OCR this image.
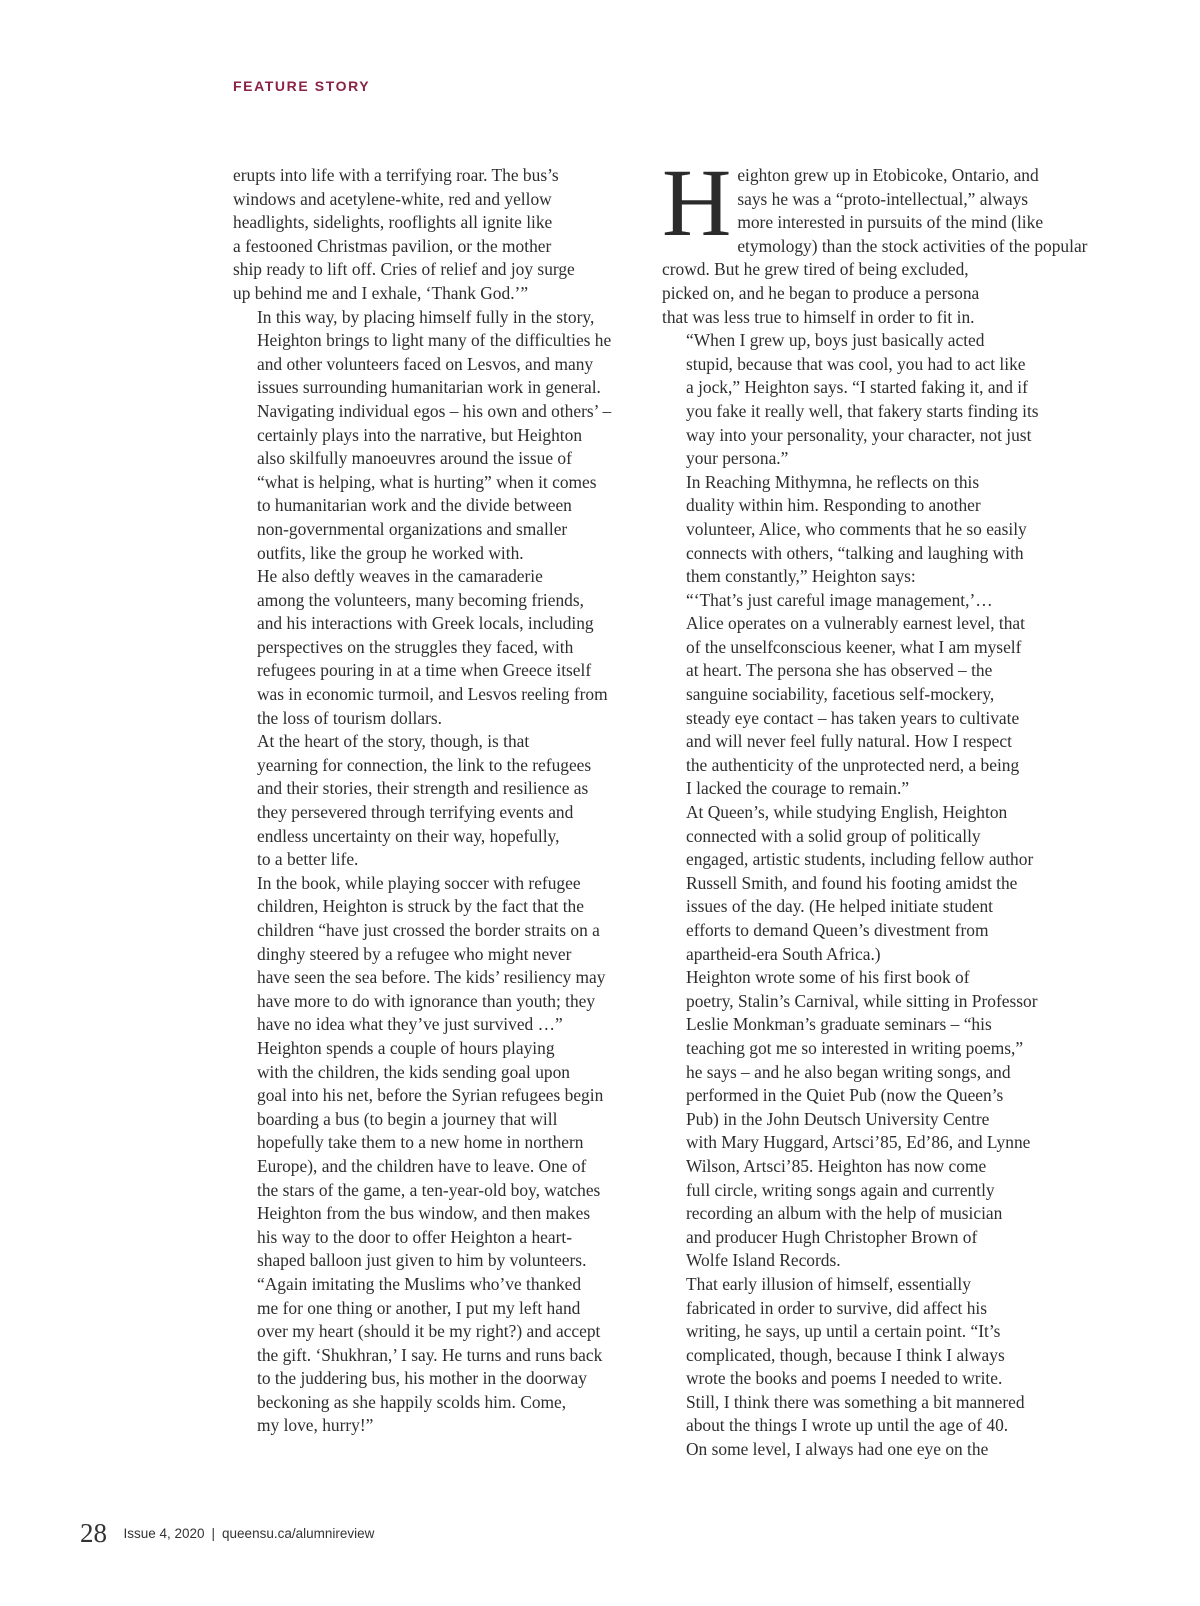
FEATURE STORY

erupts into life with a terrifying roar. The bus’s
windows and acetylene-white, red and yellow
headlights, sidelights, rooflights all ignite like
a festooned Christmas pavilion, or the mother
ship ready to lift off. Cries of relief and joy surge
up behind me and I exhale, ‘Thank God.’”

In this way, by placing himself fully in the story,
Heighton brings to light many of the difficulties he
and other volunteers faced on Lesvos, and many
issues surrounding humanitarian work in general.
Navigating individual egos – his own and others’ –
certainly plays into the narrative, but Heighton
also skilfully manoeuvres around the issue of
“what is helping, what is hurting” when it comes
to humanitarian work and the divide between
non-governmental organizations and smaller
outfits, like the group he worked with.

He also deftly weaves in the camaraderie
among the volunteers, many becoming friends,
and his interactions with Greek locals, including
perspectives on the struggles they faced, with
refugees pouring in at a time when Greece itself
was in economic turmoil, and Lesvos reeling from
the loss of tourism dollars.

At the heart of the story, though, is that
yearning for connection, the link to the refugees
and their stories, their strength and resilience as
they persevered through terrifying events and
endless uncertainty on their way, hopefully,
to a better life.

In the book, while playing soccer with refugee
children, Heighton is struck by the fact that the
children “have just crossed the border straits on a
dinghy steered by a refugee who might never
have seen the sea before. The kids’ resiliency may
have more to do with ignorance than youth; they
have no idea what they’ve just survived …”

Heighton spends a couple of hours playing
with the children, the kids sending goal upon
goal into his net, before the Syrian refugees begin
boarding a bus (to begin a journey that will
hopefully take them to a new home in northern
Europe), and the children have to leave. One of
the stars of the game, a ten-year-old boy, watches
Heighton from the bus window, and then makes
his way to the door to offer Heighton a heart-
shaped balloon just given to him by volunteers.

“Again imitating the Muslims who’ve thanked
me for one thing or another, I put my left hand
over my heart (should it be my right?) and accept
the gift. ‘Shukhran,’ I say. He turns and runs back
to the juddering bus, his mother in the doorway
beckoning as she happily scolds him. Come,
my love, hurry!”

H eighton grew up in Etobicoke, Ontario, and
says he was a “proto-intellectual,” always
more interested in pursuits of the mind (like
etymology) than the stock activities of the popular
crowd. But he grew tired of being excluded,
picked on, and he began to produce a persona
that was less true to himself in order to fit in.

“When I grew up, boys just basically acted
stupid, because that was cool, you had to act like
a jock,” Heighton says. “I started faking it, and if
you fake it really well, that fakery starts finding its
way into your personality, your character, not just
your persona.”

In Reaching Mithymna, he reflects on this
duality within him. Responding to another
volunteer, Alice, who comments that he so easily
connects with others, “talking and laughing with
them constantly,” Heighton says:

“‘That’s just careful image management,’…
Alice operates on a vulnerably earnest level, that
of the unselfconscious keener, what I am myself
at heart. The persona she has observed – the
sanguine sociability, facetious self-mockery,
steady eye contact – has taken years to cultivate
and will never feel fully natural. How I respect
the authenticity of the unprotected nerd, a being
I lacked the courage to remain.”

At Queen’s, while studying English, Heighton
connected with a solid group of politically
engaged, artistic students, including fellow author
Russell Smith, and found his footing amidst the
issues of the day. (He helped initiate student
efforts to demand Queen’s divestment from
apartheid-era South Africa.)

Heighton wrote some of his first book of
poetry, Stalin’s Carnival, while sitting in Professor
Leslie Monkman’s graduate seminars – “his
teaching got me so interested in writing poems,”
he says – and he also began writing songs, and
performed in the Quiet Pub (now the Queen’s
Pub) in the John Deutsch University Centre
with Mary Huggard, Artsci’85, Ed’86, and Lynne
Wilson, Artsci’85. Heighton has now come
full circle, writing songs again and currently
recording an album with the help of musician
and producer Hugh Christopher Brown of
Wolfe Island Records.

That early illusion of himself, essentially
fabricated in order to survive, did affect his
writing, he says, up until a certain point. “It’s
complicated, though, because I think I always
wrote the books and poems I needed to write.
Still, I think there was something a bit mannered
about the things I wrote up until the age of 40.
On some level, I always had one eye on the

28 Issue 4, 2020 | queensu.ca/alumnireview
